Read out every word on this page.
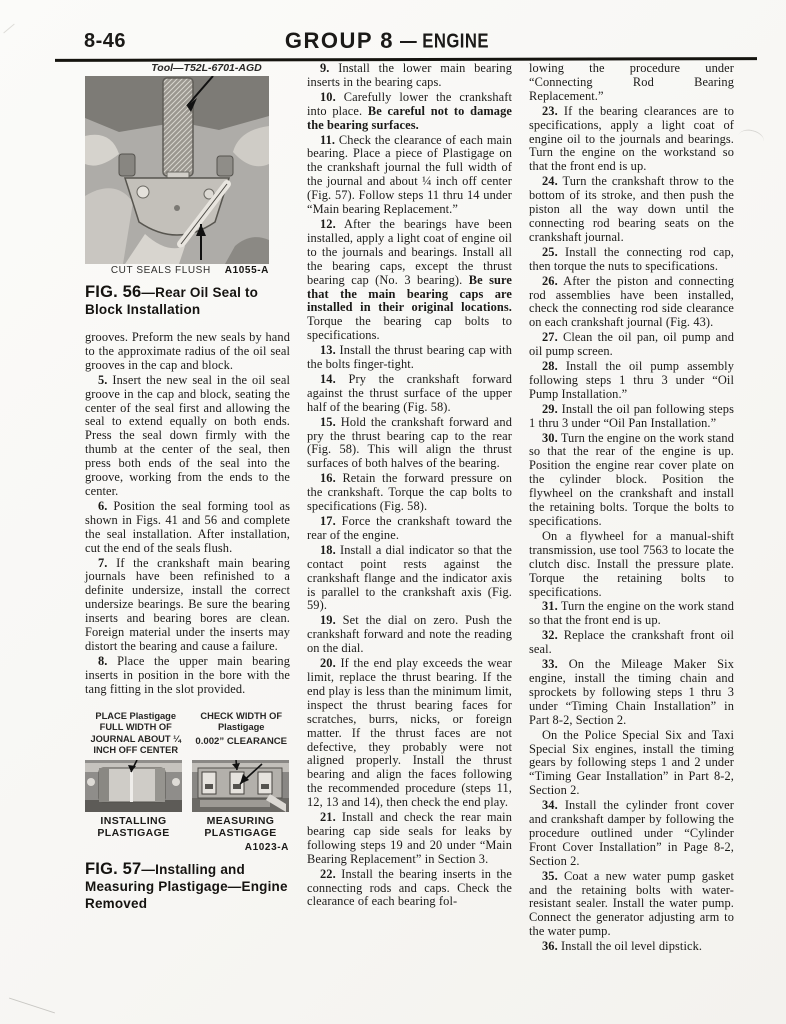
8-46	GROUP 8 — ENGINE
Tool—T52L-6701-AGD
CUT SEALS FLUSH A1055-A
FIG. 56—Rear Oil Seal to Block Installation

grooves. Preform the new seals by hand to the approximate radius of the oil seal grooves in the cap and block.

5. Insert the new seal in the oil seal groove in the cap and block, seating the center of the seal first and allowing the seal to extend equally on both ends. Press the seal down firmly with the thumb at the center of the seal, then press both ends of the seal into the groove, working from the ends to the center.

6. Position the seal forming tool as shown in Figs. 41 and 56 and complete the seal installation. After installation, cut the end of the seals flush.

7. If the crankshaft main bearing journals have been refinished to a definite undersize, install the correct undersize bearings. Be sure the bearing inserts and bearing bores are clean. Foreign material under the inserts may distort the bearing and cause a failure.

8. Place the upper main bearing inserts in position in the bore with the tang fitting in the slot provided.

PLACE Plastigage FULL WIDTH OF JOURNAL ABOUT ¼ INCH OFF CENTER
CHECK WIDTH OF Plastigage
0.002” CLEARANCE
INSTALLING PLASTIGAGE
MEASURING PLASTIGAGE
A1023-A
FIG. 57—Installing and Measuring Plastigage—Engine Removed

9. Install the lower main bearing inserts in the bearing caps.

10. Carefully lower the crankshaft into place. Be careful not to damage the bearing surfaces.

11. Check the clearance of each main bearing. Place a piece of Plastigage on the crankshaft journal the full width of the journal and about ¼ inch off center (Fig. 57). Follow steps 11 thru 14 under “Main bearing Replacement.”

12. After the bearings have been installed, apply a light coat of engine oil to the journals and bearings. Install all the bearing caps, except the thrust bearing cap (No. 3 bearing). Be sure that the main bearing caps are installed in their original locations. Torque the bearing cap bolts to specifications.

13. Install the thrust bearing cap with the bolts finger-tight.

14. Pry the crankshaft forward against the thrust surface of the upper half of the bearing (Fig. 58).

15. Hold the crankshaft forward and pry the thrust bearing cap to the rear (Fig. 58). This will align the thrust surfaces of both halves of the bearing.

16. Retain the forward pressure on the crankshaft. Torque the cap bolts to specifications (Fig. 58).

17. Force the crankshaft toward the rear of the engine.

18. Install a dial indicator so that the contact point rests against the crankshaft flange and the indicator axis is parallel to the crankshaft axis (Fig. 59).

19. Set the dial on zero. Push the crankshaft forward and note the reading on the dial.

20. If the end play exceeds the wear limit, replace the thrust bearing. If the end play is less than the minimum limit, inspect the thrust bearing faces for scratches, burrs, nicks, or foreign matter. If the thrust faces are not defective, they probably were not aligned properly. Install the thrust bearing and align the faces following the recommended procedure (steps 11, 12, 13 and 14), then check the end play.

21. Install and check the rear main bearing cap side seals for leaks by following steps 19 and 20 under “Main Bearing Replacement” in Section 3.

22. Install the bearing inserts in the connecting rods and caps. Check the clearance of each bearing fol-

lowing the procedure under “Connecting Rod Bearing Replacement.”

23. If the bearing clearances are to specifications, apply a light coat of engine oil to the journals and bearings. Turn the engine on the workstand so that the front end is up.

24. Turn the crankshaft throw to the bottom of its stroke, and then push the piston all the way down until the connecting rod bearing seats on the crankshaft journal.

25. Install the connecting rod cap, then torque the nuts to specifications.

26. After the piston and connecting rod assemblies have been installed, check the connecting rod side clearance on each crankshaft journal (Fig. 43).

27. Clean the oil pan, oil pump and oil pump screen.

28. Install the oil pump assembly following steps 1 thru 3 under “Oil Pump Installation.”

29. Install the oil pan following steps 1 thru 3 under “Oil Pan Installation.”

30. Turn the engine on the work stand so that the rear of the engine is up. Position the engine rear cover plate on the cylinder block. Position the flywheel on the crankshaft and install the retaining bolts. Torque the bolts to specifications.

On a flywheel for a manual-shift transmission, use tool 7563 to locate the clutch disc. Install the pressure plate. Torque the retaining bolts to specifications.

31. Turn the engine on the work stand so that the front end is up.

32. Replace the crankshaft front oil seal.

33. On the Mileage Maker Six engine, install the timing chain and sprockets by following steps 1 thru 3 under “Timing Chain Installation” in Part 8-2, Section 2.

On the Police Special Six and Taxi Special Six engines, install the timing gears by following steps 1 and 2 under “Timing Gear Installation” in Part 8-2, Section 2.

34. Install the cylinder front cover and crankshaft damper by following the procedure outlined under “Cylinder Front Cover Installation” in Page 8-2, Section 2.

35. Coat a new water pump gasket and the retaining bolts with water-resistant sealer. Install the water pump. Connect the generator adjusting arm to the water pump.

36. Install the oil level dipstick.
